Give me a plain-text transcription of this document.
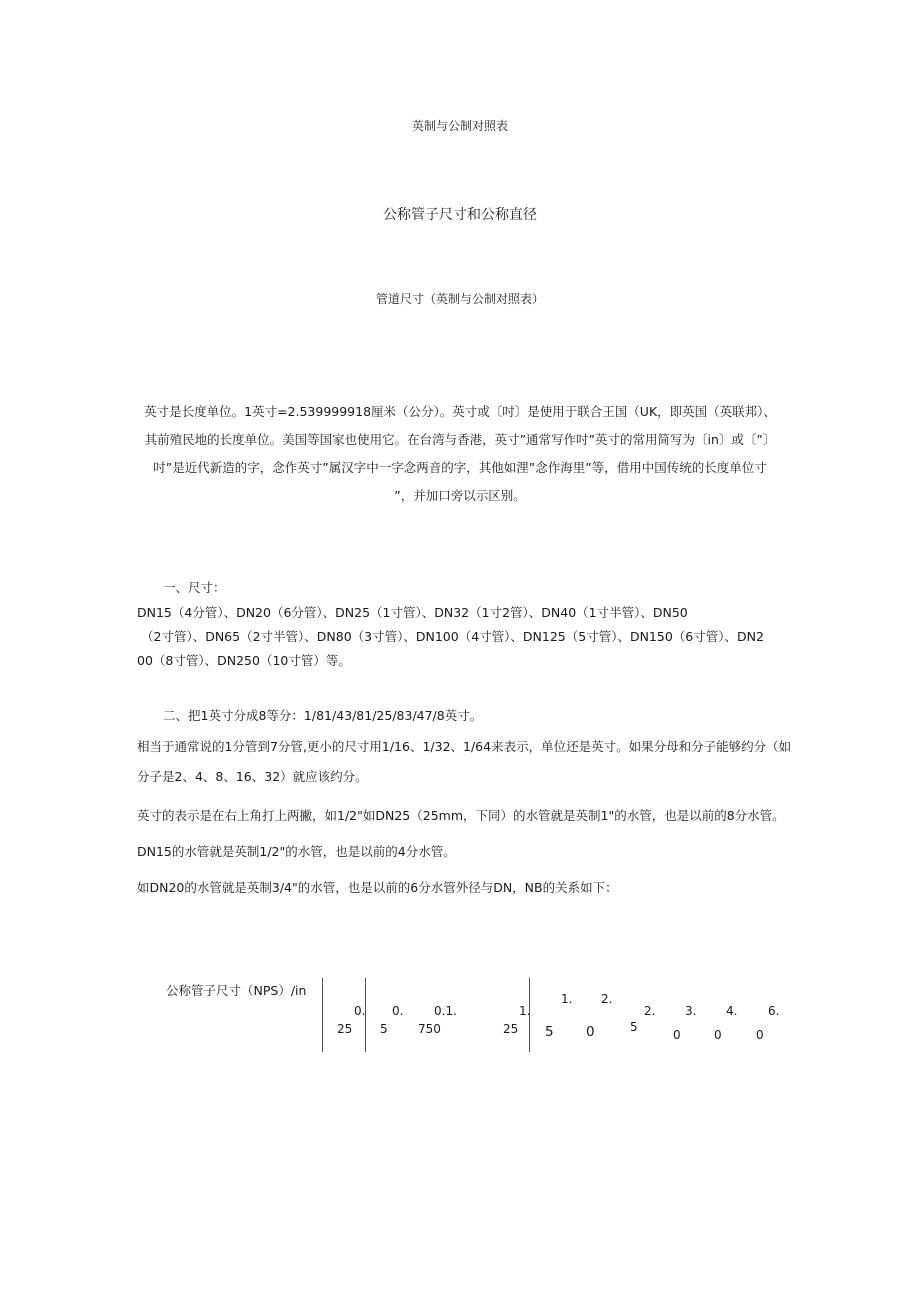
英制与公制对照表
公称管子尺寸和公称直径
管道尺寸（英制与公制对照表）
英寸是长度单位。1英寸=2.539999918厘米（公分）。英寸或〔吋〕是使用于联合王国（UK，即英国（英联邦）、
其前殖民地的长度单位。美国等国家也使用它。在台湾与香港，英寸”通常写作吋”英寸的常用简写为〔in〕或〔”〕
吋”是近代新造的字，念作英寸”属汉字中一字念两音的字，其他如浬”念作海里”等，借用中国传统的长度单位寸
”，并加口旁以示区别。
一、尺寸：
DN15（4分管）、DN20（6分管）、DN25（1寸管）、DN32（1寸2管）、DN40（1寸半管）、DN50
（2寸管）、DN65（2寸半管）、DN80（3寸管）、DN100（4寸管）、DN125（5寸管）、DN150（6寸管）、DN2
00（8寸管）、DN250（10寸管）等。
二、把1英寸分成8等分：1/81/43/81/25/83/47/8英寸。
相当于通常说的1分管到7分管,更小的尺寸用1/16、1/32、1/64来表示，单位还是英寸。如果分母和分子能够约分（如
分子是2、4、8、16、32）就应该约分。
英寸的表示是在右上角打上两撇，如1/2"如DN25（25mm，下同）的水管就是英制1"的水管，也是以前的8分水管。
DN15的水管就是英制1/2"的水管，也是以前的4分水管。
如DN20的水管就是英制3/4"的水管，也是以前的6分水管外径与DN，NB的关系如下：
公称管子尺寸（NPS）/in
0.
25
0.
5
0.1.
750
1.
25
1.
5
2.
0	5
2.
0
3.
0
4.
0
6.
